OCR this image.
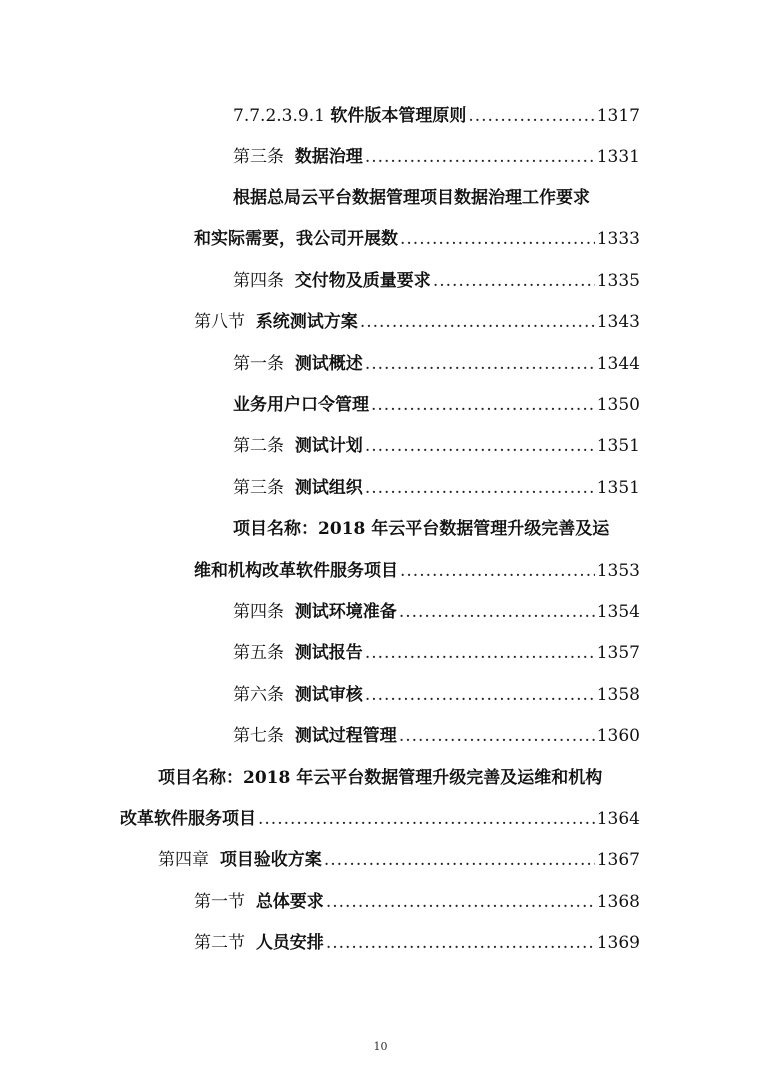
7.7.2.3.9.1 软件版本管理原则 .....	1317
第三条 数据治理 .....	1331
根据总局云平台数据管理项目数据治理工作要求
和实际需要，我公司开展数 .....	1333
第四条 交付物及质量要求 .....	1335
第八节 系统测试方案 .....	1343
第一条 测试概述 .....	1344
业务用户口令管理 .....	1350
第二条 测试计划 .....	1351
第三条 测试组织 .....	1351
项目名称：2018 年云平台数据管理升级完善及运
维和机构改革软件服务项目 .....	1353
第四条 测试环境准备 .....	1354
第五条 测试报告 .....	1357
第六条 测试审核 .....	1358
第七条 测试过程管理 .....	1360
项目名称：2018 年云平台数据管理升级完善及运维和机构
改革软件服务项目 .....	1364
第四章 项目验收方案 .....	1367
第一节 总体要求 .....	1368
第二节 人员安排 .....	1369
10
